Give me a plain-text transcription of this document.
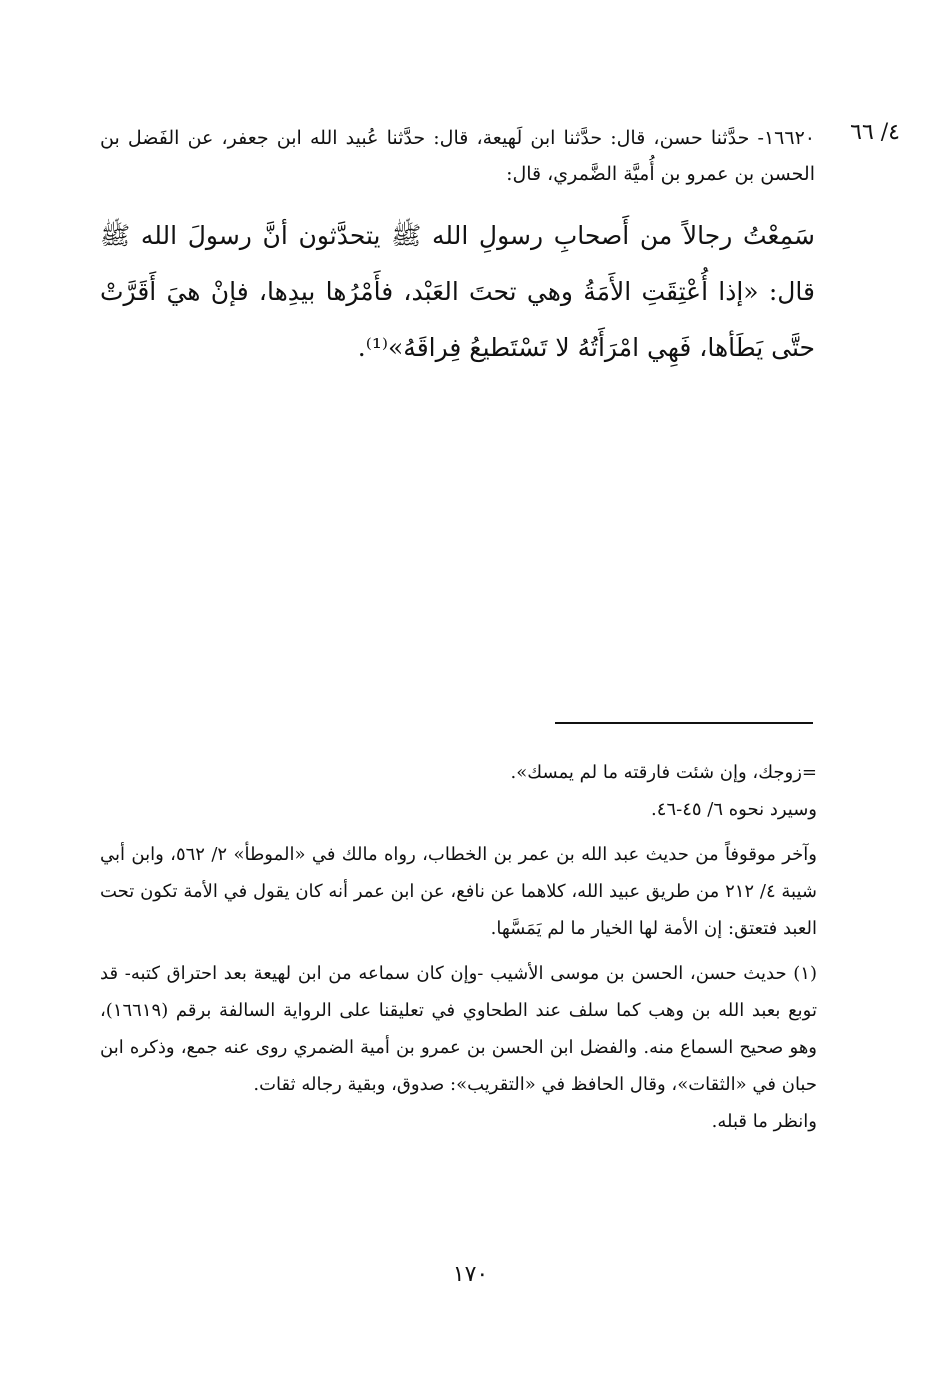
٤/ ٦٦

١٦٦٢٠- حدَّثنا حسن، قال: حدَّثنا ابن لَهيعة، قال: حدَّثنا عُبيد الله ابن جعفر، عن الفَضل بن الحسن بن عمرو بن أُميَّة الضَّمري، قال:

سَمِعْتُ رجالاً من أَصحابِ رسولِ الله ﷺ يتحدَّثون أنَّ رسولَ الله ﷺ قال: «إذا أُعْتِقَتِ الأَمَةُ وهي تحتَ العَبْد، فأَمْرُها بيدِها، فإنْ هيَ أَقَرَّتْ حتَّى يَطَأها، فَهِي امْرَأَتُهُ لا تَسْتَطيعُ فِراقَهُ»⁽¹⁾.

=زوجك، وإن شئت فارقته ما لم يمسك».

وسيرد نحوه ٦/ ٤٥-٤٦.

وآخر موقوفاً من حديث عبد الله بن عمر بن الخطاب، رواه مالك في «الموطأ» ٢/ ٥٦٢، وابن أبي شيبة ٤/ ٢١٢ من طريق عبيد الله، كلاهما عن نافع، عن ابن عمر أنه كان يقول في الأمة تكون تحت العبد فتعتق: إن الأمة لها الخيار ما لم يَمَسَّها.

(١) حديث حسن، الحسن بن موسى الأشيب -وإن كان سماعه من ابن لهيعة بعد احتراق كتبه- قد توبع بعبد الله بن وهب كما سلف عند الطحاوي في تعليقنا على الرواية السالفة برقم (١٦٦١٩)، وهو صحيح السماع منه. والفضل ابن الحسن بن عمرو بن أمية الضمري روى عنه جمع، وذكره ابن حبان في «الثقات»، وقال الحافظ في «التقريب»: صدوق، وبقية رجاله ثقات.

وانظر ما قبله.

١٧٠
